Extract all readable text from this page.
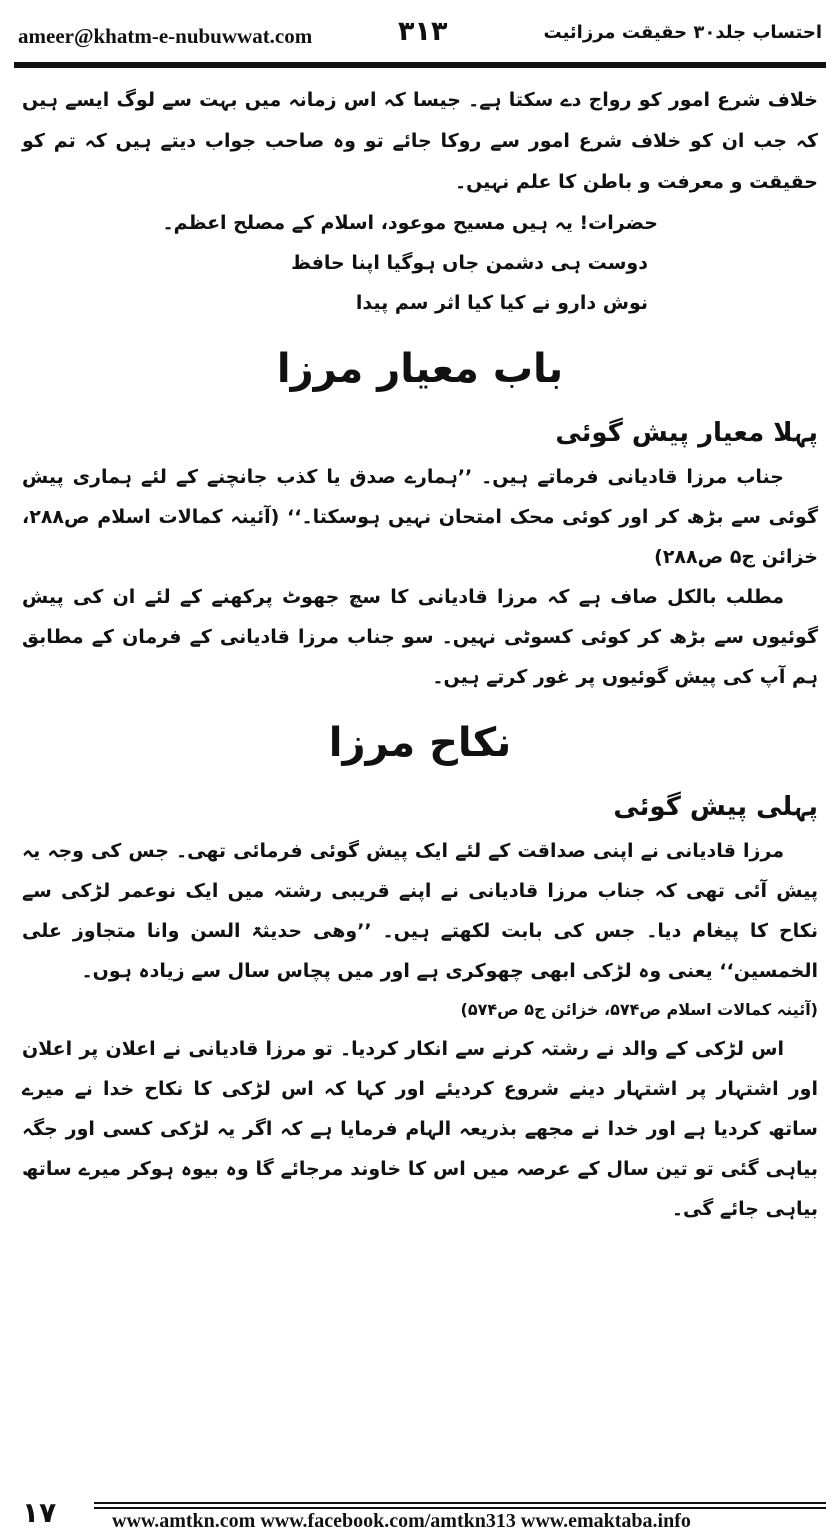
ameer@khatm-e-nubuwwat.com	۳۱۳	احتساب جلد۳۰ حقیقت مرزائیت

خلاف شرع امور کو رواج دے سکتا ہے۔ جیسا کہ اس زمانہ میں بہت سے لوگ ایسے ہیں کہ جب ان کو خلاف شرع امور سے روکا جائے تو وہ صاحب جواب دیتے ہیں کہ تم کو حقیقت و معرفت و باطن کا علم نہیں۔

حضرات! یہ ہیں مسیح موعود، اسلام کے مصلح اعظم۔

دوست ہی دشمن جاں ہوگیا اپنا حافظ

نوش دارو نے کیا کیا اثر سم پیدا

باب معیار مرزا
پہلا معیار پیش گوئی

جناب مرزا قادیانی فرماتے ہیں۔ ’’ہمارے صدق یا کذب جانچنے کے لئے ہماری پیش گوئی سے بڑھ کر اور کوئی محک امتحان نہیں ہوسکتا۔‘‘ (آئینہ کمالات اسلام ص۲۸۸، خزائن ج۵ ص۲۸۸)

مطلب بالکل صاف ہے کہ مرزا قادیانی کا سچ جھوٹ پرکھنے کے لئے ان کی پیش گوئیوں سے بڑھ کر کوئی کسوٹی نہیں۔ سو جناب مرزا قادیانی کے فرمان کے مطابق ہم آپ کی پیش گوئیوں پر غور کرتے ہیں۔

نکاح مرزا
پہلی پیش گوئی

مرزا قادیانی نے اپنی صداقت کے لئے ایک پیش گوئی فرمائی تھی۔ جس کی وجہ یہ پیش آئی تھی کہ جناب مرزا قادیانی نے اپنے قریبی رشتہ میں ایک نوعمر لڑکی سے نکاح کا پیغام دیا۔ جس کی بابت لکھتے ہیں۔ ’’وھی حدیثۃ السن وانا متجاوز علی الخمسین‘‘ یعنی وہ لڑکی ابھی چھوکری ہے اور میں پچاس سال سے زیادہ ہوں۔

(آئینہ کمالات اسلام ص۵۷۴، خزائن ج۵ ص۵۷۴)

اس لڑکی کے والد نے رشتہ کرنے سے انکار کردیا۔ تو مرزا قادیانی نے اعلان پر اعلان اور اشتہار پر اشتہار دینے شروع کردیئے اور کہا کہ اس لڑکی کا نکاح خدا نے میرے ساتھ کردیا ہے اور خدا نے مجھے بذریعہ الہام فرمایا ہے کہ اگر یہ لڑکی کسی اور جگہ بیاہی گئی تو تین سال کے عرصہ میں اس کا خاوند مرجائے گا وہ بیوہ ہوکر میرے ساتھ بیاہی جائے گی۔

۱۷	www.amtkn.com www.facebook.com/amtkn313 www.emaktaba.info
